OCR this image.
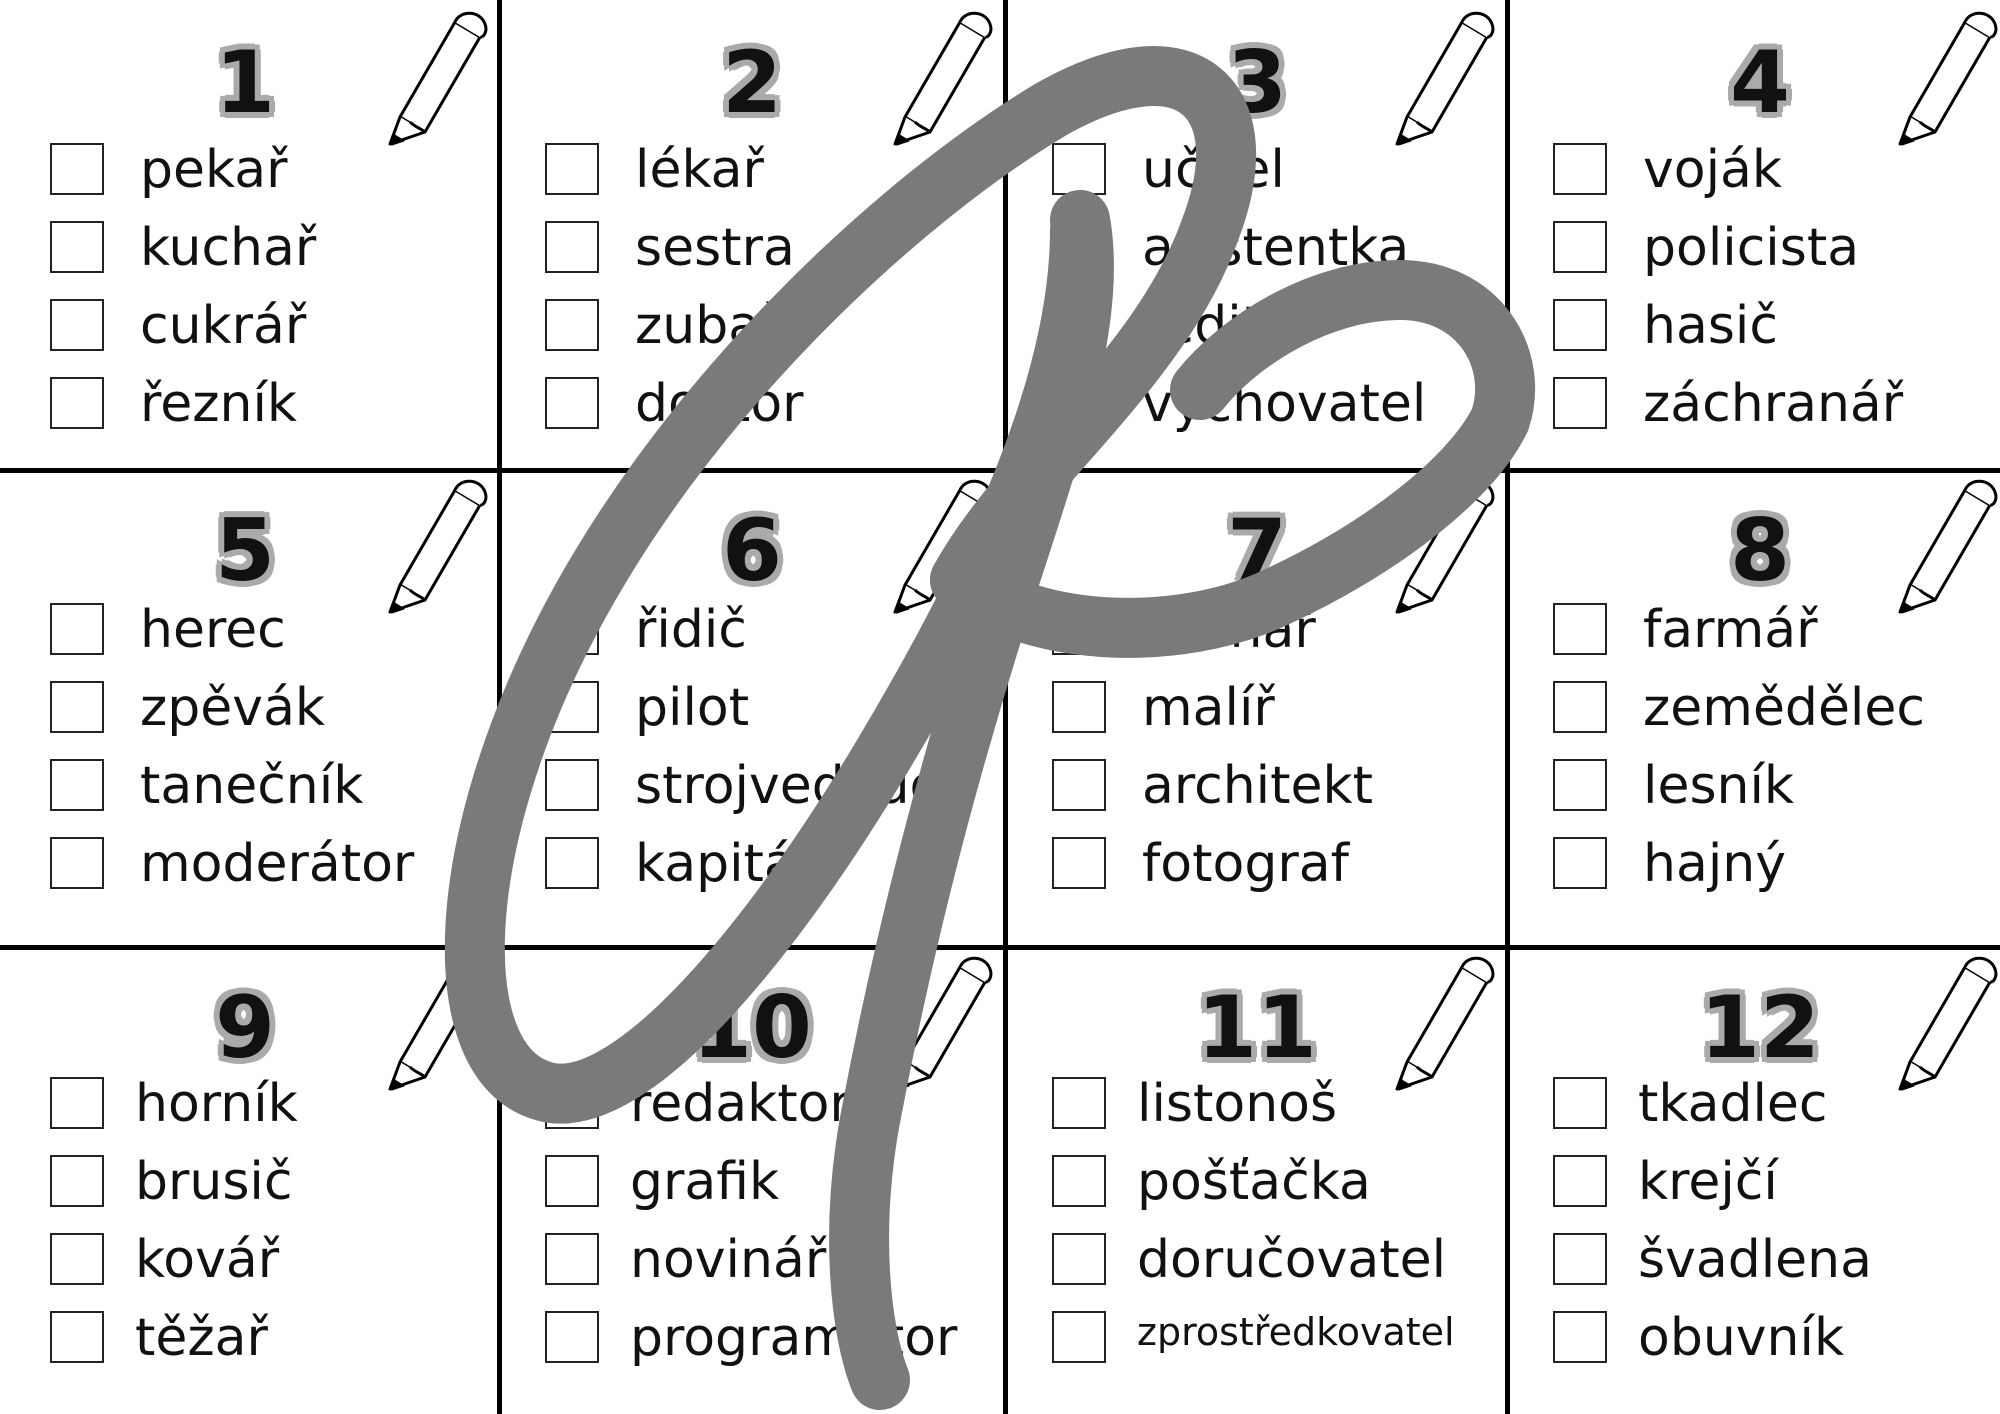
1
pekař
kuchař
cukrář
řezník
2
lékař
sestra
zubař
doktor
3
učitel
asistentka
ředitel
vychovatel
4
voják
policista
hasič
záchranář
5
herec
zpěvák
tanečník
moderátor
6
řidič
pilot
strojvedoucí
kapitán
7
sochař
malíř
architekt
fotograf
8
farmář
zemědělec
lesník
hajný
9
horník
brusič
kovář
těžař
10
redaktor
grafik
novinář
programátor
11
listonoš
pošťačka
doručovatel
zprostředkovatel
12
tkadlec
krejčí
švadlena
obuvník
